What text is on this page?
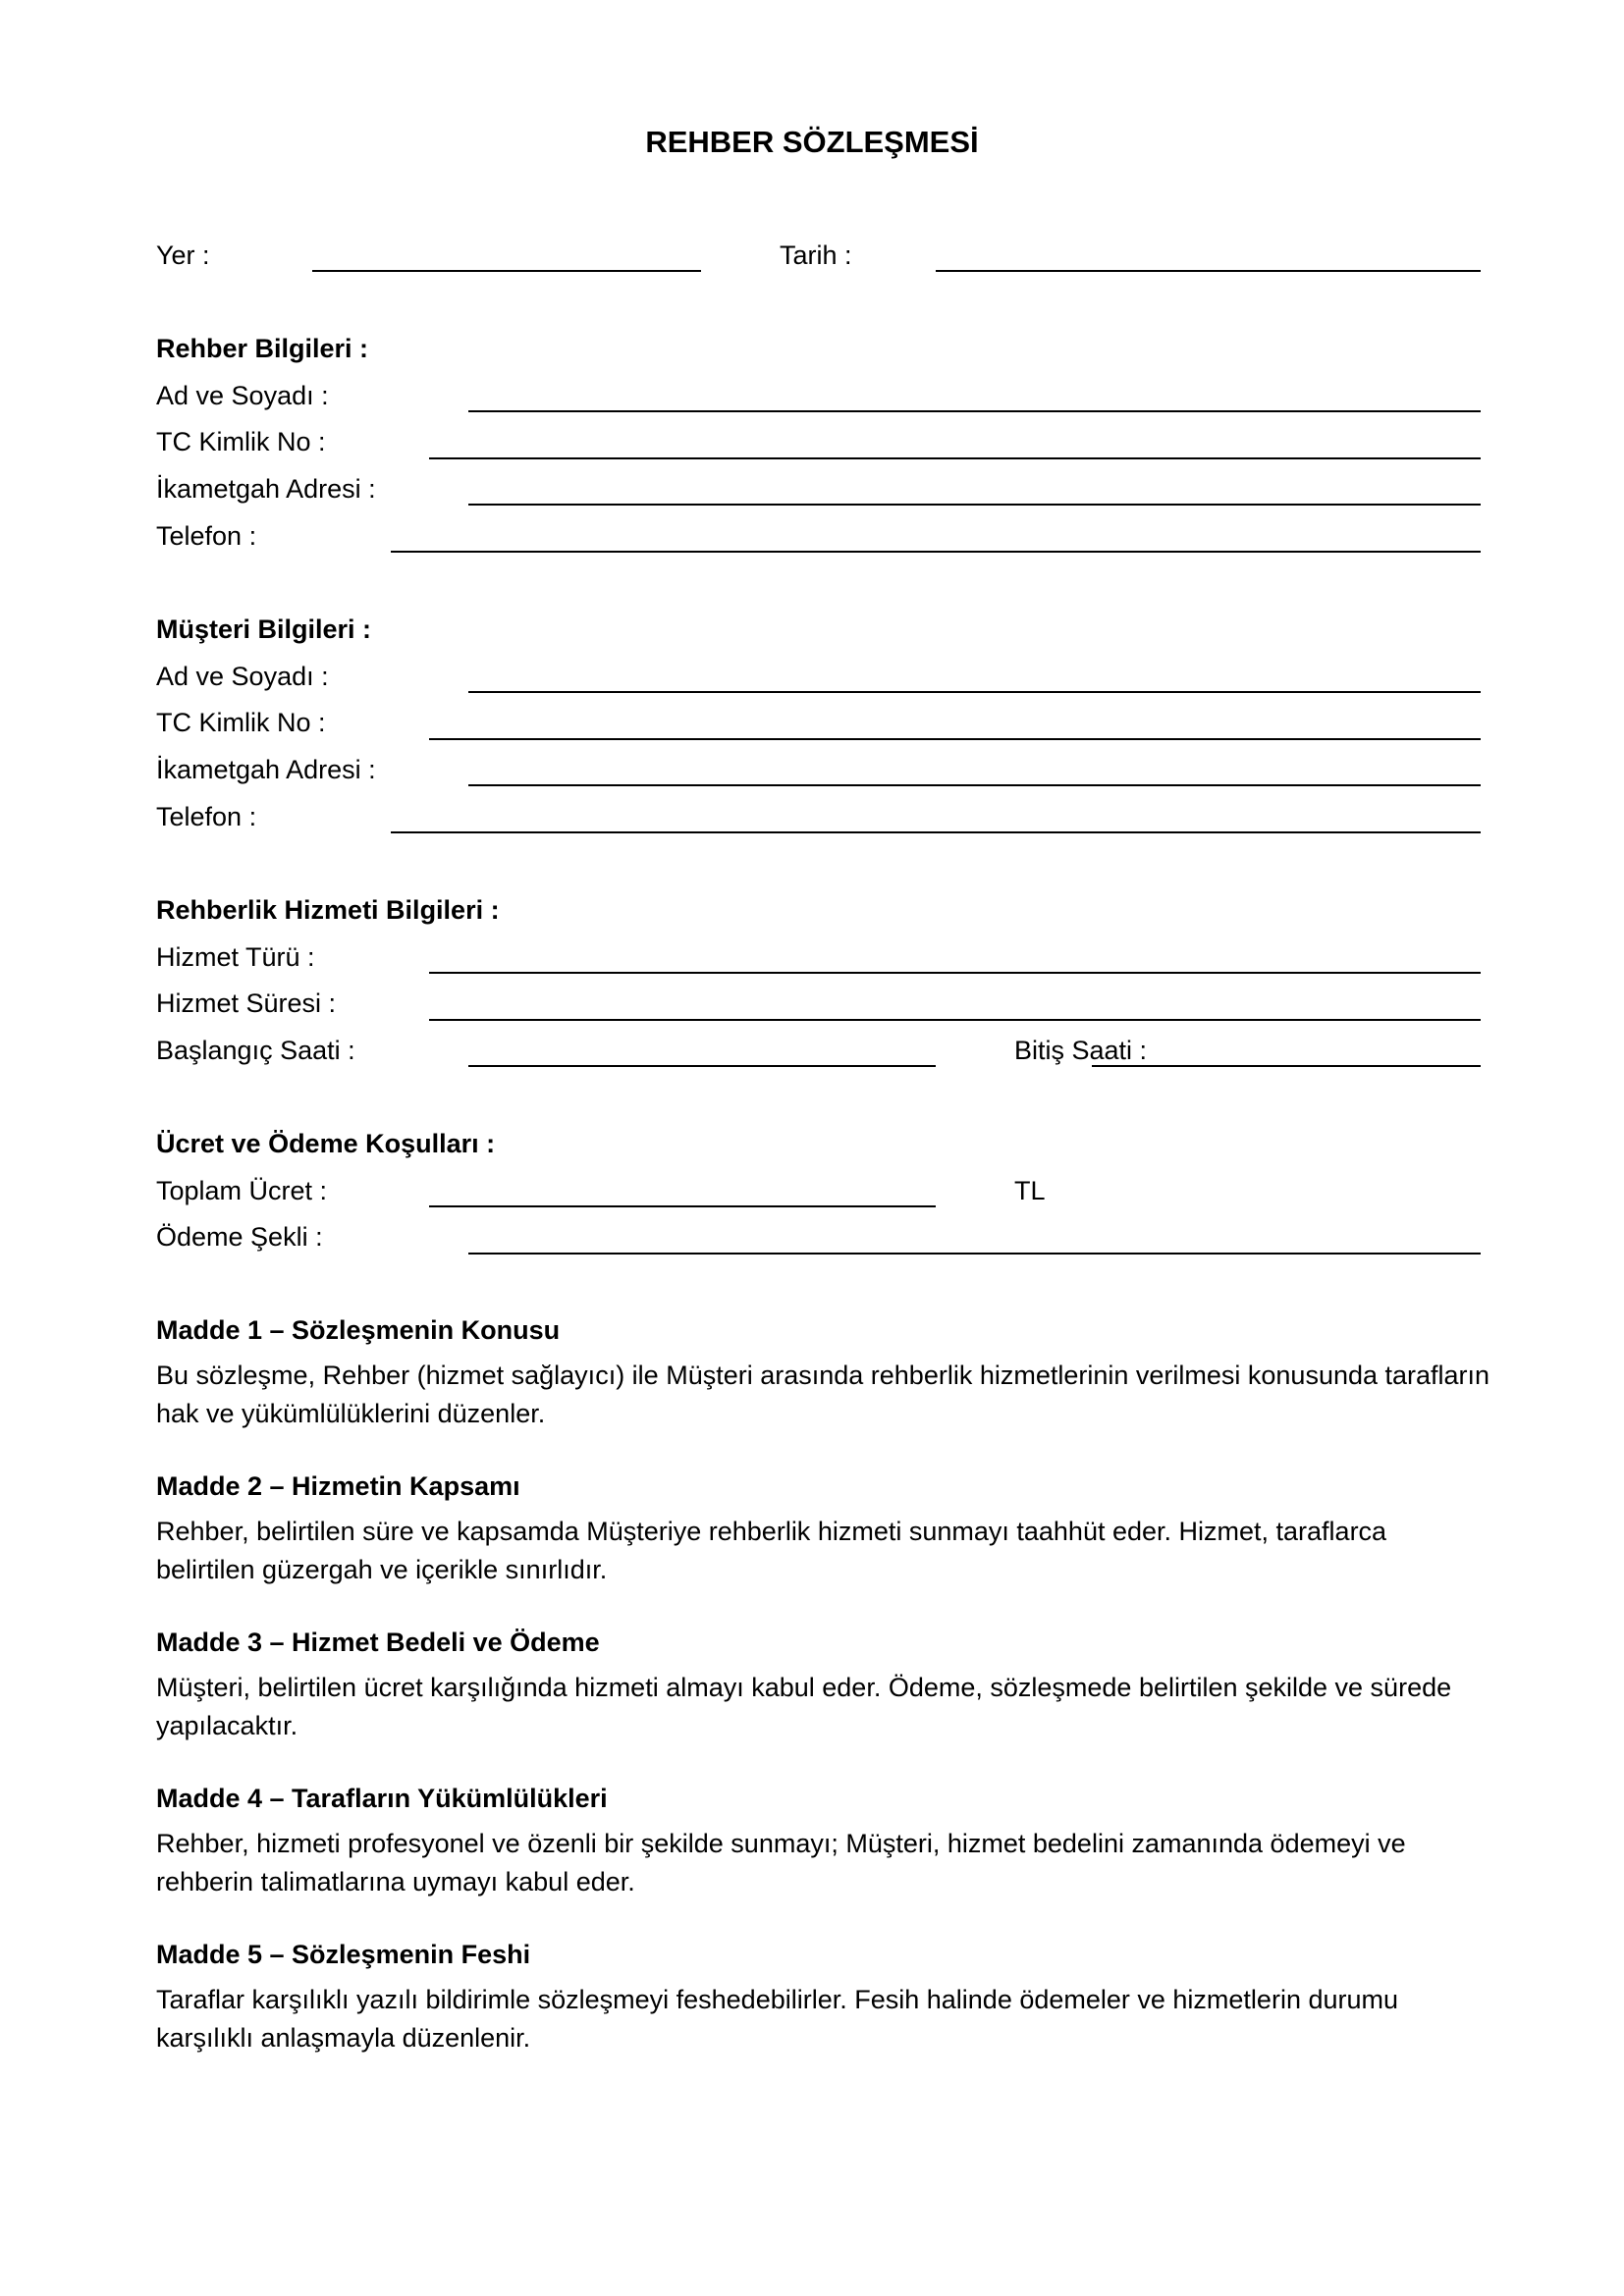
REHBER SÖZLEŞMESİ
Yer :	Tarih :
Rehber Bilgileri :
Ad ve Soyadı :
TC Kimlik No :
İkametgah Adresi :
Telefon :
Müşteri Bilgileri :
Ad ve Soyadı :
TC Kimlik No :
İkametgah Adresi :
Telefon :
Rehberlik Hizmeti Bilgileri :
Hizmet Türü :
Hizmet Süresi :
Başlangıç Saati :	Bitiş Saati :
Ücret ve Ödeme Koşulları :
Toplam Ücret :	TL
Ödeme Şekli :
Madde 1 – Sözleşmenin Konusu

Bu sözleşme, Rehber (hizmet sağlayıcı) ile Müşteri arasında rehberlik hizmetlerinin verilmesi konusunda tarafların hak ve yükümlülüklerini düzenler.

Madde 2 – Hizmetin Kapsamı

Rehber, belirtilen süre ve kapsamda Müşteriye rehberlik hizmeti sunmayı taahhüt eder. Hizmet, taraflarca belirtilen güzergah ve içerikle sınırlıdır.

Madde 3 – Hizmet Bedeli ve Ödeme

Müşteri, belirtilen ücret karşılığında hizmeti almayı kabul eder. Ödeme, sözleşmede belirtilen şekilde ve sürede yapılacaktır.

Madde 4 – Tarafların Yükümlülükleri

Rehber, hizmeti profesyonel ve özenli bir şekilde sunmayı; Müşteri, hizmet bedelini zamanında ödemeyi ve rehberin talimatlarına uymayı kabul eder.

Madde 5 – Sözleşmenin Feshi

Taraflar karşılıklı yazılı bildirimle sözleşmeyi feshedebilirler. Fesih halinde ödemeler ve hizmetlerin durumu karşılıklı anlaşmayla düzenlenir.
